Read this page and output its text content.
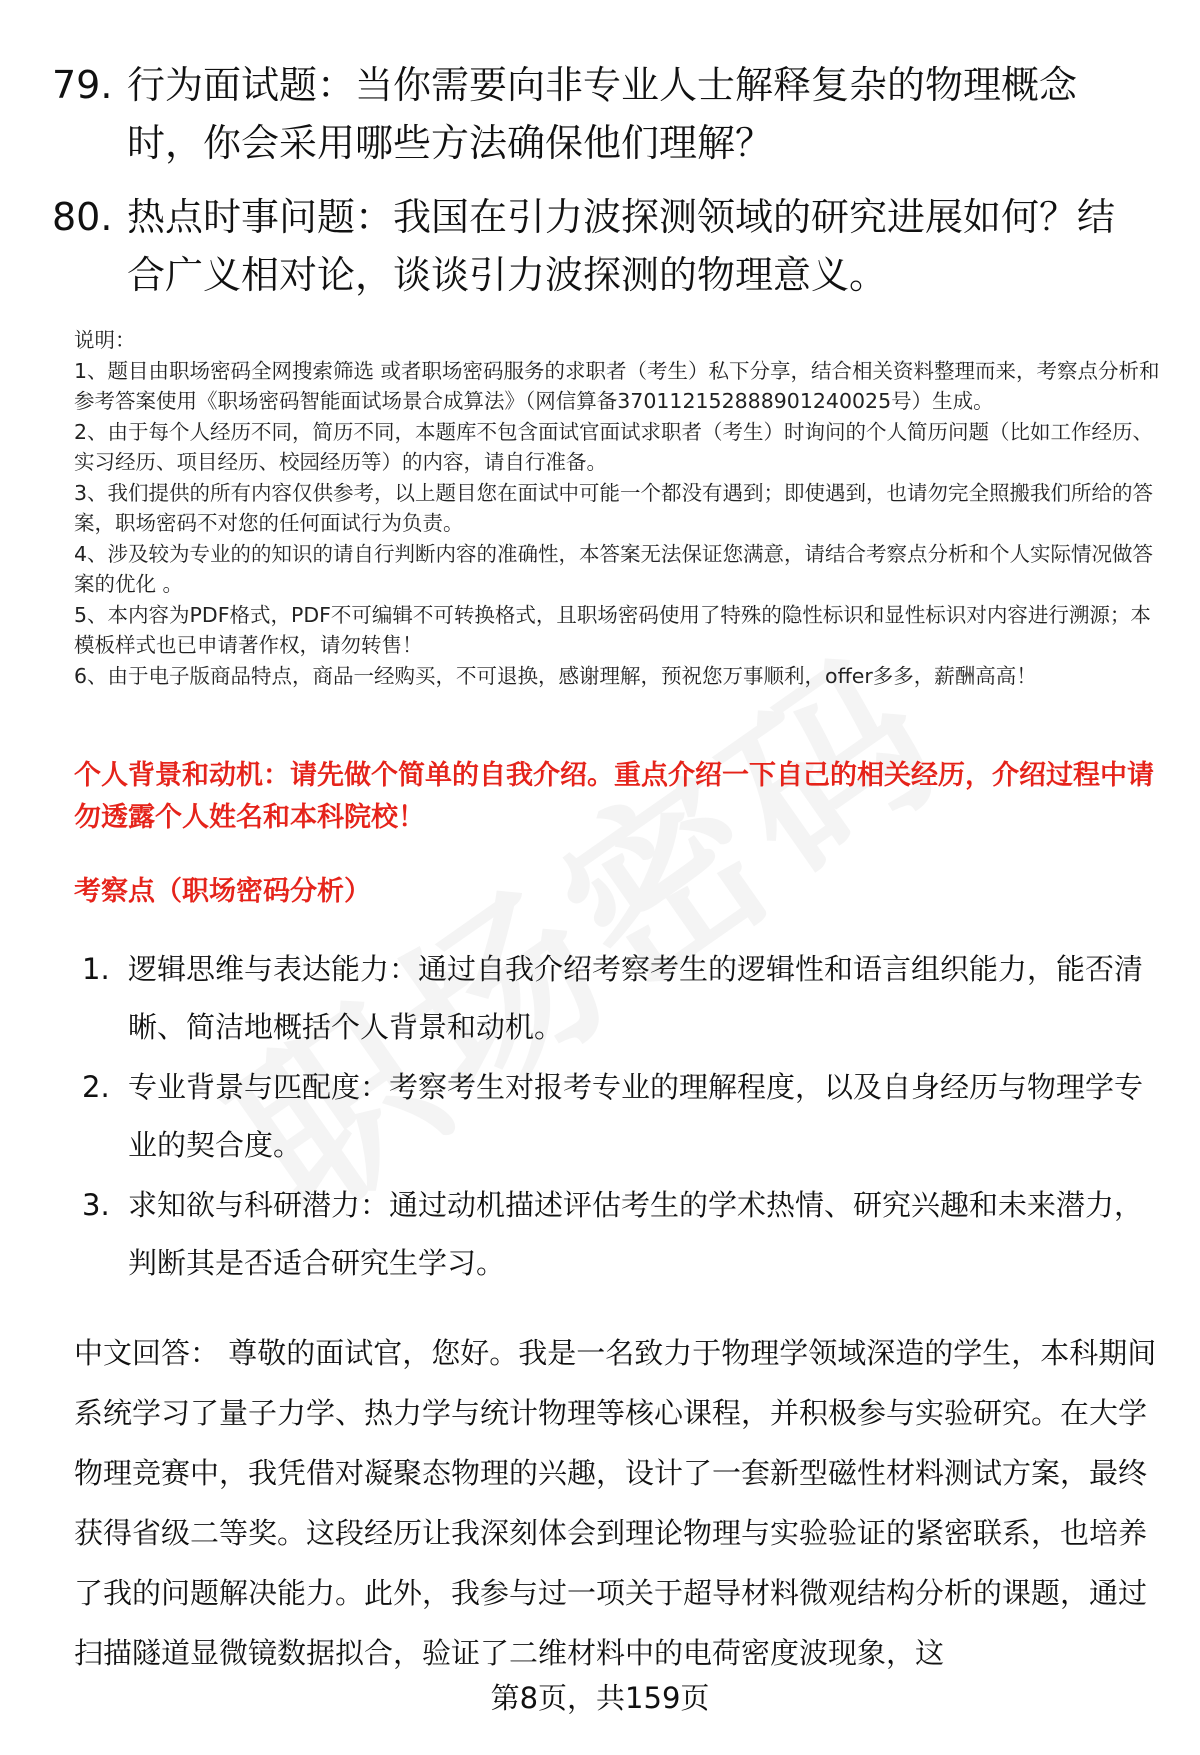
79. 行为面试题：当你需要向非专业人士解释复杂的物理概念时，你会采用哪些方法确保他们理解？
80. 热点时事问题：我国在引力波探测领域的研究进展如何？结合广义相对论，谈谈引力波探测的物理意义。

说明：

1、题目由职场密码全网搜索筛选 或者职场密码服务的求职者（考生）私下分享，结合相关资料整理而来，考察点分析和参考答案使用《职场密码智能面试场景合成算法》（网信算备370112152888901240025号）生成。

2、由于每个人经历不同，简历不同，本题库不包含面试官面试求职者（考生）时询问的个人简历问题（比如工作经历、实习经历、项目经历、校园经历等）的内容，请自行准备。

3、我们提供的所有内容仅供参考，以上题目您在面试中可能一个都没有遇到；即使遇到，也请勿完全照搬我们所给的答案，职场密码不对您的任何面试行为负责。

4、涉及较为专业的的知识的请自行判断内容的准确性，本答案无法保证您满意，请结合考察点分析和个人实际情况做答案的优化 。

5、本内容为PDF格式，PDF不可编辑不可转换格式，且职场密码使用了特殊的隐性标识和显性标识对内容进行溯源；本模板样式也已申请著作权，请勿转售！

6、由于电子版商品特点，商品一经购买，不可退换，感谢理解，预祝您万事顺利，offer多多，薪酬高高！

个人背景和动机：请先做个简单的自我介绍。重点介绍一下自己的相关经历，介绍过程中请勿透露个人姓名和本科院校！
考察点（职场密码分析）
1. 逻辑思维与表达能力：通过自我介绍考察考生的逻辑性和语言组织能力，能否清晰、简洁地概括个人背景和动机。
2. 专业背景与匹配度：考察考生对报考专业的理解程度，以及自身经历与物理学专业的契合度。
3. 求知欲与科研潜力：通过动机描述评估考生的学术热情、研究兴趣和未来潜力，判断其是否适合研究生学习。
中文回答： 尊敬的面试官，您好。我是一名致力于物理学领域深造的学生，本科期间系统学习了量子力学、热力学与统计物理等核心课程，并积极参与实验研究。在大学物理竞赛中，我凭借对凝聚态物理的兴趣，设计了一套新型磁性材料测试方案，最终获得省级二等奖。这段经历让我深刻体会到理论物理与实验验证的紧密联系，也培养了我的问题解决能力。此外，我参与过一项关于超导材料微观结构分析的课题，通过扫描隧道显微镜数据拟合，验证了二维材料中的电荷密度波现象，这
第8页，共159页
